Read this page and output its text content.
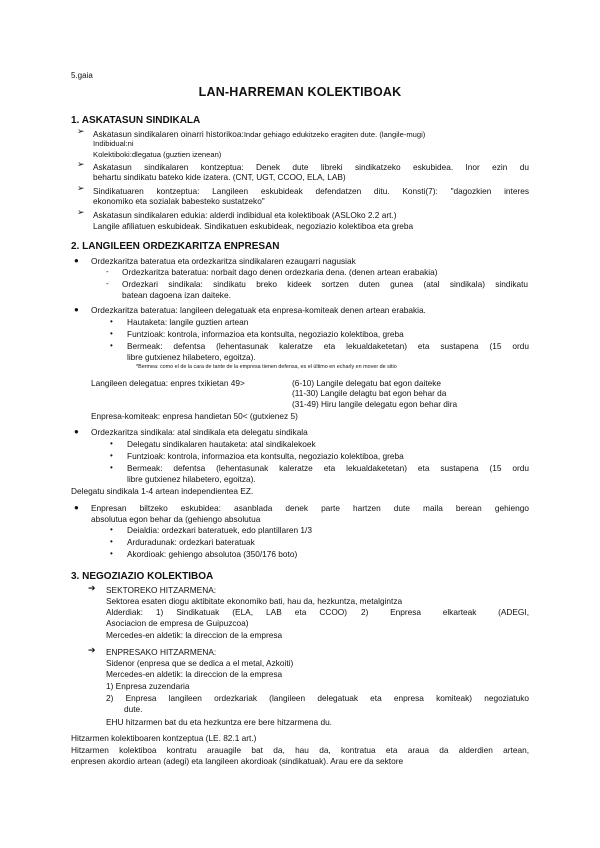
5.gaia
LAN-HARREMAN KOLEKTIBOAK
1. ASKATASUN SINDIKALA
➢ Askatasun sindikalaren oinarri historikoa:Indar gehiago edukitzeko eragiten dute. (langile-mugi)
Indibidual:ni
Kolektiboki:dlegatua (guztien izenean)
➢ Askatasun sindikalaren kontzeptua: Denek dute libreki sindikatzeko eskubidea. Inor ezin du
behartu sindikatu bateko kide izatera. (CNT, UGT, CCOO, ELA, LAB)
➢ Sindikatuaren kontzeptua: Langileen eskubideak defendatzen ditu. Konsti(7): "dagozkien interes
ekonomiko eta sozialak babesteko sustatzeko"
➢ Askatasun sindikalaren edukia: alderdi indibidual eta kolektiboak (ASLOko 2.2 art.)
Langile afiliatuen eskubideak. Sindikatuen eskubideak, negoziazio kolektiboa eta greba
2. LANGILEEN ORDEZKARITZA ENPRESAN
● Ordezkaritza bateratua eta ordezkaritza sindikalaren ezaugarri nagusiak
- Ordezkaritza bateratua: norbait dago denen ordezkaria dena. (denen artean erabakia)
- Ordezkari sindikala: sindikatu breko kideek sortzen duten gunea (atal sindikala) sindikatu
batean dagoena izan daiteke.
● Ordezkaritza bateratua: langileen delegatuak eta enpresa-komiteak denen artean erabakia.
• Hautaketa: langile guztien artean
• Funtzioak: kontrola, informazioa eta kontsulta, negoziazio kolektiboa, greba
• Bermeak: defentsa (lehentasunak kaleratze eta lekualdaketetan) eta sustapena (15 ordu
libre gutxienez hilabetero, egoitza).
*Bermea: como el de la cara de tante de la empresa tienen defensa, es el último en echarly en mover de sitio
Langileen delegatua: enpres txikietan 49>	(6-10) Langile delegatu bat egon daiteke
(11-30) Langile delagtu bat egon behar da
(31-49) Hiru langile delegatu egon behar dira
Enpresa-komiteak: enpresa handietan 50< (gutxienez 5)
● Ordezkaritza sindikala: atal sindikala eta delegatu sindikala
• Delegatu sindikalaren hautaketa: atal sindikalekoek
• Funtzioak: kontrola, informazioa eta kontsulta, negoziazio kolektiboa, greba
• Bermeak: defentsa (lehentasunak kaleratze eta lekualdaketetan) eta sustapena (15 ordu
libre gutxienez hilabetero, egoitza).
Delegatu sindikala 1-4 artean independientea EZ.
● Enpresan biltzeko eskubidea: asanblada denek parte hartzen dute maila berean gehiengo
absolutua egon behar da (gehiengo absolutua
• Deialdia: ordezkari bateratuek, edo plantillaren 1/3
• Arduradunak: ordezkari bateratuak
• Akordioak: gehiengo absolutoa (350/176 boto)
3. NEGOZIAZIO KOLEKTIBOA
➔ SEKTOREKO HITZARMENA:
Sektorea esaten diogu aktibitate ekonomiko bati, hau da, hezkuntza, metalgintza
Alderdiak: 1) Sindikatuak (ELA, LAB eta CCOO) 2) Enpresa elkarteak (ADEGI,
Asociacion de empresa de Guipuzcoa)
Mercedes-en aldetik: la direccion de la empresa
➔ ENPRESAKO HITZARMENA:
Sidenor (enpresa que se dedica a el metal, Azkoiti)
Mercedes-en aldetik: la direccion de la empresa
1) Enpresa zuzendaria
2) Enpresa langileen ordezkariak (langileen delegatuak eta enpresa komiteak) negoziatuko
dute.
EHU hitzarmen bat du eta hezkuntza ere bere hitzarmena du.
Hitzarmen kolektiboaren kontzeptua (LE. 82.1 art.)
Hitzarmen kolektiboa kontratu arauagile bat da, hau da, kontratua eta araua da alderdien artean,
enpresen akordio artean (adegi) eta langileen akordioak (sindikatuak). Arau ere da sektore
